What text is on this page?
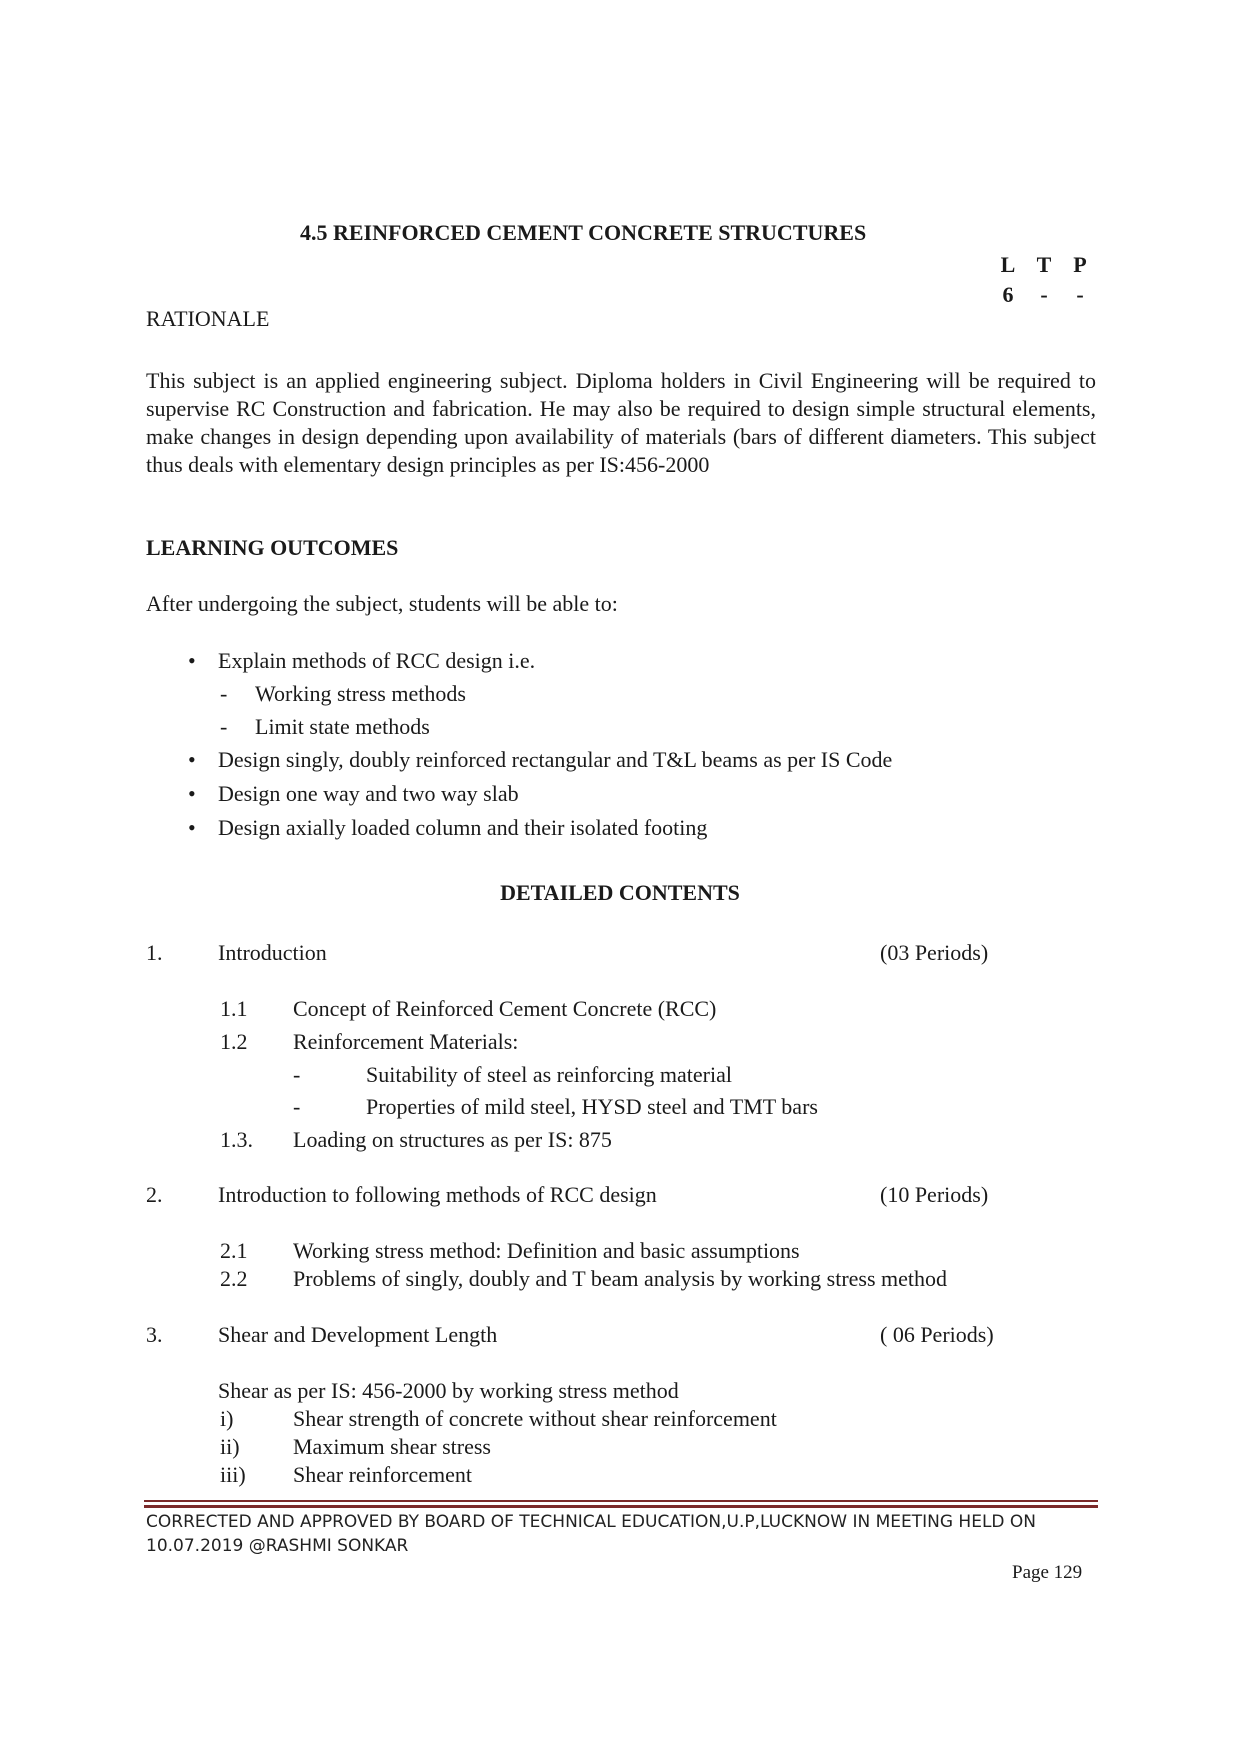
4.5 REINFORCED CEMENT CONCRETE STRUCTURES
L T P
6	-	-
RATIONALE
This subject is an applied engineering subject. Diploma holders in Civil Engineering will be required to supervise RC Construction and fabrication. He may also be required to design simple structural elements, make changes in design depending upon availability of materials (bars of different diameters. This subject thus deals with elementary design principles as per IS:456-2000
LEARNING OUTCOMES
After undergoing the subject, students will be able to:
• Explain methods of RCC design i.e.
- Working stress methods
- Limit state methods
• Design singly, doubly reinforced rectangular and T&L beams as per IS Code
• Design one way and two way slab
• Design axially loaded column and their isolated footing
DETAILED CONTENTS
1.	Introduction	(03 Periods)
1.1 Concept of Reinforced Cement Concrete (RCC)
1.2 Reinforcement Materials:
-	Suitability of steel as reinforcing material
-	Properties of mild steel, HYSD steel and TMT bars
1.3. Loading on structures as per IS: 875
2.	Introduction to following methods of RCC design	(10 Periods)
2.1 Working stress method: Definition and basic assumptions
2.2 Problems of singly, doubly and T beam analysis by working stress method
3.	Shear and Development Length	( 06 Periods)
Shear as per IS: 456-2000 by working stress method
i)	Shear strength of concrete without shear reinforcement
ii) Maximum shear stress
iii) Shear reinforcement
CORRECTED AND APPROVED BY BOARD OF TECHNICAL EDUCATION,U.P,LUCKNOW IN MEETING HELD ON
10.07.2019 @RASHMI SONKAR
Page 129
